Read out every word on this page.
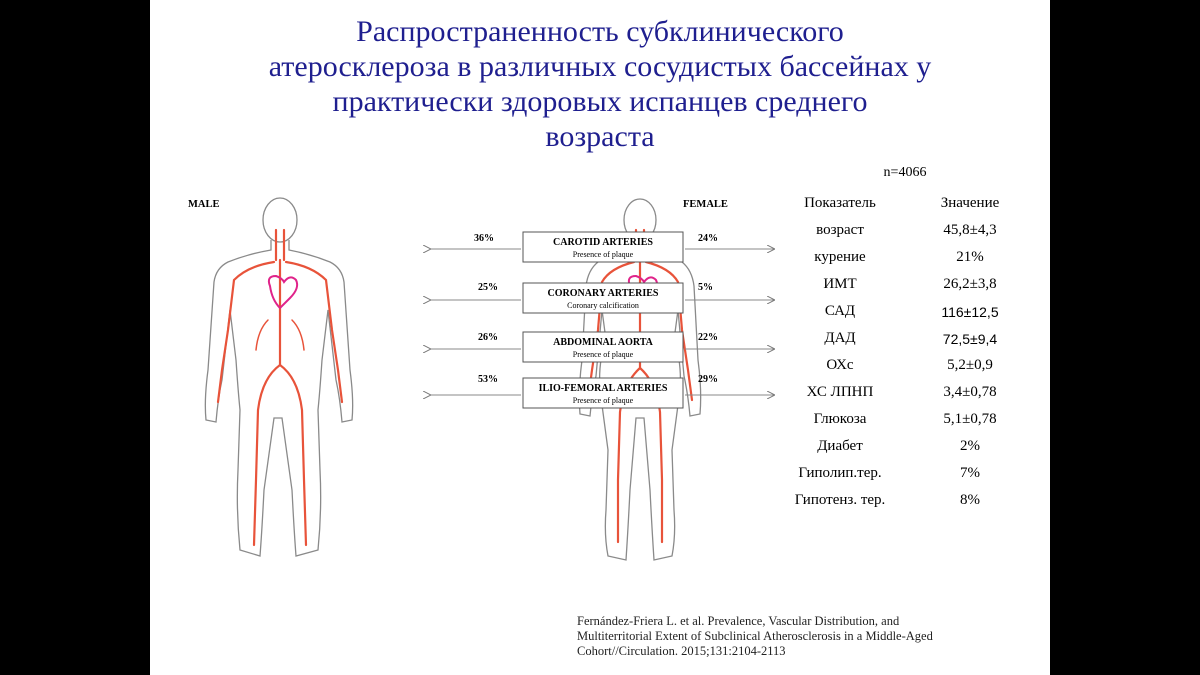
Распространенность субклинического
атеросклероза в различных сосудистых бассейнах у
практически здоровых испанцев среднего
возраста
MALE	FEMALE
CAROTID ARTERIES
Presence of plaque
CORONARY ARTERIES
Coronary calcification
ABDOMINAL AORTA
Presence of plaque
ILIO-FEMORAL ARTERIES
Presence of plaque
36%	24%
25%	5%
26%	22%
53%	29%
n=4066
Показатель	Значение
возраст	45,8±4,3
курение	21%
ИМТ	26,2±3,8
САД	116±12,5
ДАД	72,5±9,4
ОХс	5,2±0,9
ХС ЛПНП	3,4±0,78
Глюкоза	5,1±0,78
Диабет	2%
Гиполип.тер.	7%
Гипотенз. тер.	8%
Fernández-Friera L. et al. Prevalence, Vascular Distribution, and
Multiterritorial Extent of Subclinical Atherosclerosis in a Middle-Aged
Cohort//Circulation. 2015;131:2104-2113
